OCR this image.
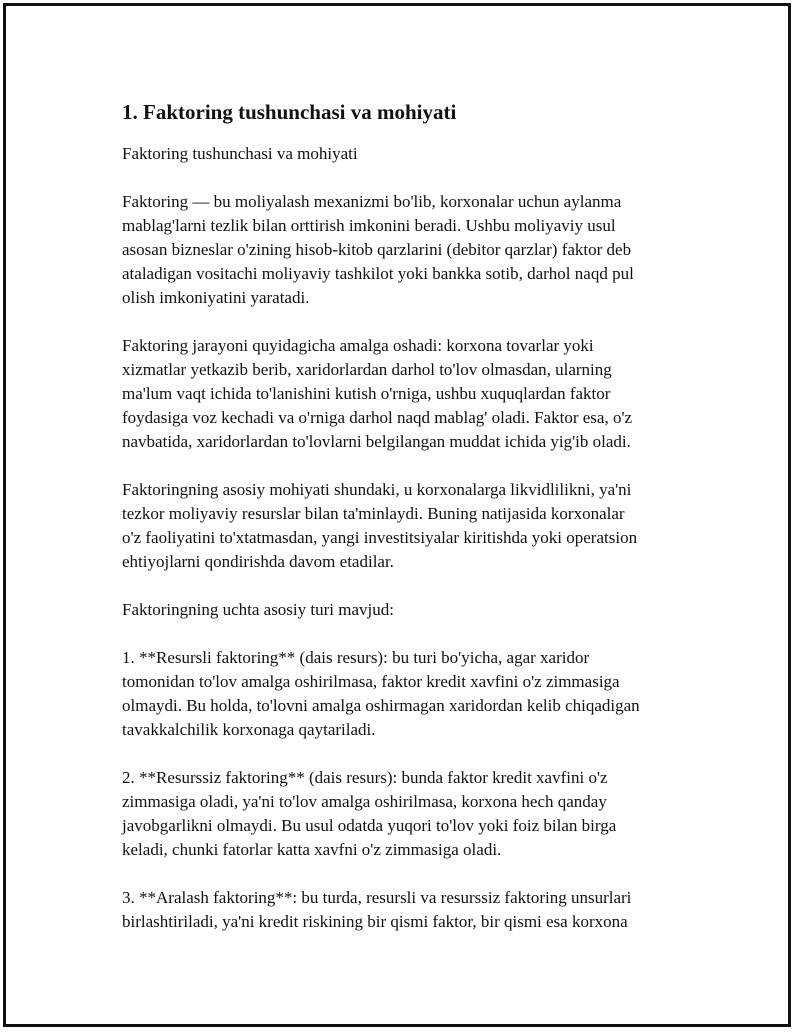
1. Faktoring tushunchasi va mohiyati

Faktoring tushunchasi va mohiyati

Faktoring — bu moliyalash mexanizmi bo'lib, korxonalar uchun aylanma
mablag'larni tezlik bilan orttirish imkonini beradi. Ushbu moliyaviy usul
asosan bizneslar o'zining hisob-kitob qarzlarini (debitor qarzlar) faktor deb
ataladigan vositachi moliyaviy tashkilot yoki bankka sotib, darhol naqd pul
olish imkoniyatini yaratadi.

Faktoring jarayoni quyidagicha amalga oshadi: korxona tovarlar yoki
xizmatlar yetkazib berib, xaridorlardan darhol to'lov olmasdan, ularning
ma'lum vaqt ichida to'lanishini kutish o'rniga, ushbu xuquqlardan faktor
foydasiga voz kechadi va o'rniga darhol naqd mablag' oladi. Faktor esa, o'z
navbatida, xaridorlardan to'lovlarni belgilangan muddat ichida yig'ib oladi.

Faktoringning asosiy mohiyati shundaki, u korxonalarga likvidlilikni, ya'ni
tezkor moliyaviy resurslar bilan ta'minlaydi. Buning natijasida korxonalar
o'z faoliyatini to'xtatmasdan, yangi investitsiyalar kiritishda yoki operatsion
ehtiyojlarni qondirishda davom etadilar.

Faktoringning uchta asosiy turi mavjud:

1. **Resursli faktoring** (dais resurs): bu turi bo'yicha, agar xaridor
tomonidan to'lov amalga oshirilmasa, faktor kredit xavfini o'z zimmasiga
olmaydi. Bu holda, to'lovni amalga oshirmagan xaridordan kelib chiqadigan
tavakkalchilik korxonaga qaytariladi.

2. **Resurssiz faktoring** (dais resurs): bunda faktor kredit xavfini o'z
zimmasiga oladi, ya'ni to'lov amalga oshirilmasa, korxona hech qanday
javobgarlikni olmaydi. Bu usul odatda yuqori to'lov yoki foiz bilan birga
keladi, chunki fatorlar katta xavfni o'z zimmasiga oladi.

3. **Aralash faktoring**: bu turda, resursli va resurssiz faktoring unsurlari
birlashtiriladi, ya'ni kredit riskining bir qismi faktor, bir qismi esa korxona
